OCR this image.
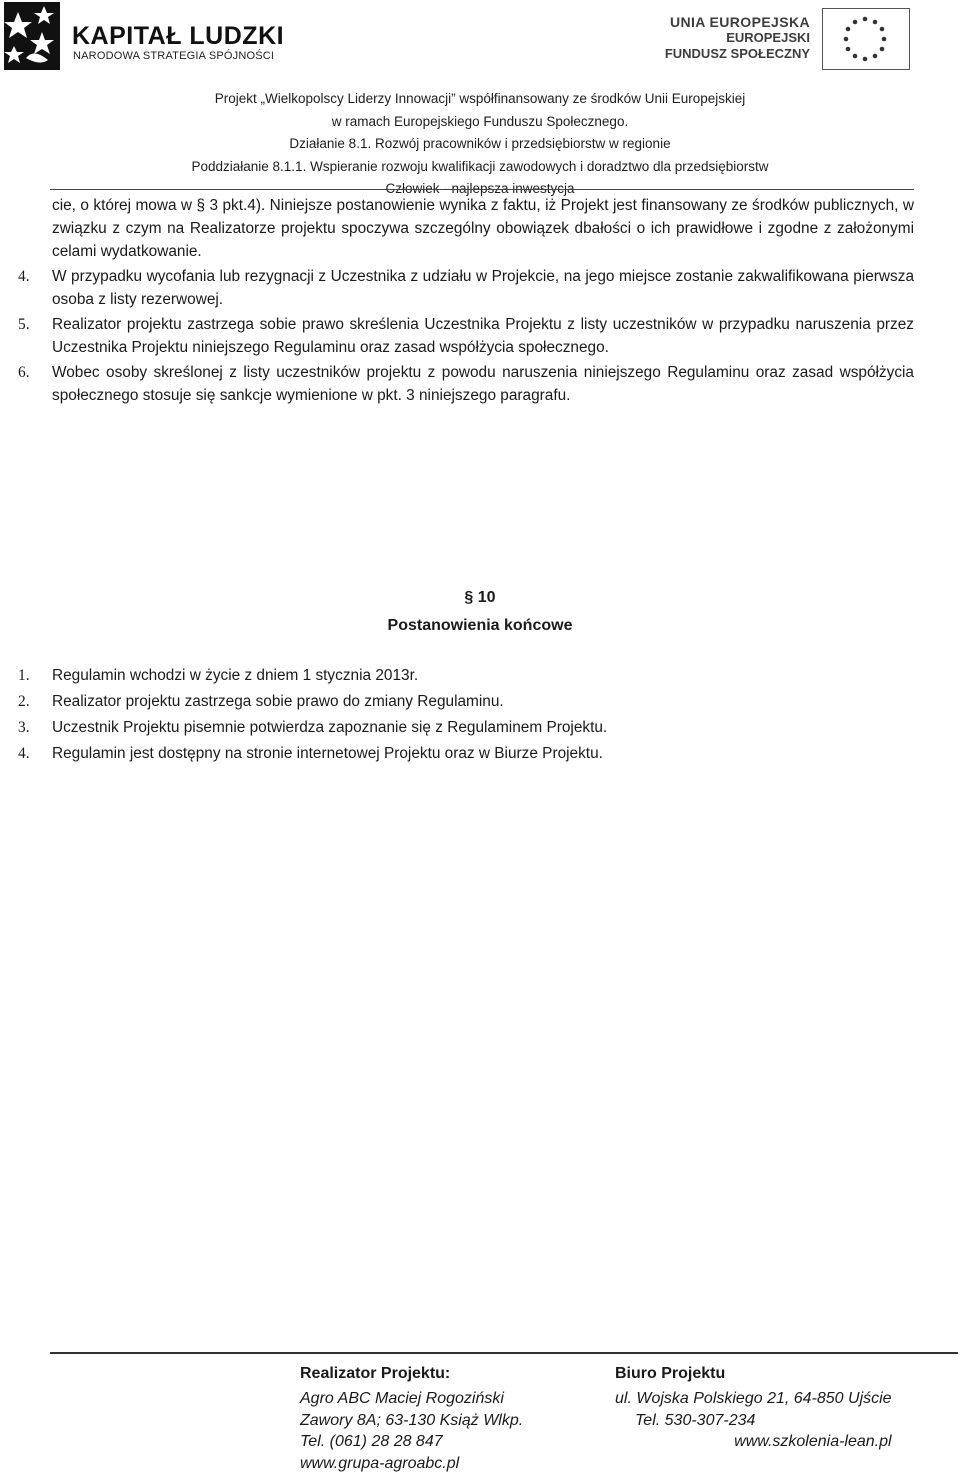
KAPITAŁ LUDZKI
NARODOWA STRATEGIA SPÓJNOŚCI
UNIA EUROPEJSKA
EUROPEJSKI
FUNDUSZ SPOŁECZNY
Projekt „Wielkopolscy Liderzy Innowacji” współfinansowany ze środków Unii Europejskiej
w ramach Europejskiego Funduszu Społecznego.
Działanie 8.1. Rozwój pracowników i przedsiębiorstw w regionie
Poddziałanie 8.1.1. Wspieranie rozwoju kwalifikacji zawodowych i doradztwo dla przedsiębiorstw
Człowiek - najlepsza inwestycja
cie, o której mowa w § 3 pkt.4). Niniejsze postanowienie wynika z faktu, iż Projekt jest finansowany ze środków publicznych, w związku z czym na Realizatorze projektu spoczywa szczególny obowiązek dbałości o ich prawidłowe i zgodne z założonymi celami wydatkowanie.
4. W przypadku wycofania lub rezygnacji z Uczestnika z udziału w Projekcie, na jego miejsce zostanie zakwalifikowana pierwsza osoba z listy rezerwowej.
5. Realizator projektu zastrzega sobie prawo skreślenia Uczestnika Projektu z listy uczestników w przypadku naruszenia przez Uczestnika Projektu niniejszego Regulaminu oraz zasad współżycia społecznego.
6. Wobec osoby skreślonej z listy uczestników projektu z powodu naruszenia niniejszego Regulaminu oraz zasad współżycia społecznego stosuje się sankcje wymienione w pkt. 3 niniejszego paragrafu.
§ 10
Postanowienia końcowe
1. Regulamin wchodzi w życie z dniem 1 stycznia 2013r.
2. Realizator projektu zastrzega sobie prawo do zmiany Regulaminu.
3. Uczestnik Projektu pisemnie potwierdza zapoznanie się z Regulaminem Projektu.
4. Regulamin jest dostępny na stronie internetowej Projektu oraz w Biurze Projektu.
Realizator Projektu:
Agro ABC Maciej Rogoziński
Zawory 8A; 63-130 Książ Wlkp.
Tel. (061) 28 28 847
www.grupa-agroabc.pl
Biuro Projektu
ul. Wojska Polskiego 21, 64-850 Ujście
Tel. 530-307-234
www.szkolenia-lean.pl
